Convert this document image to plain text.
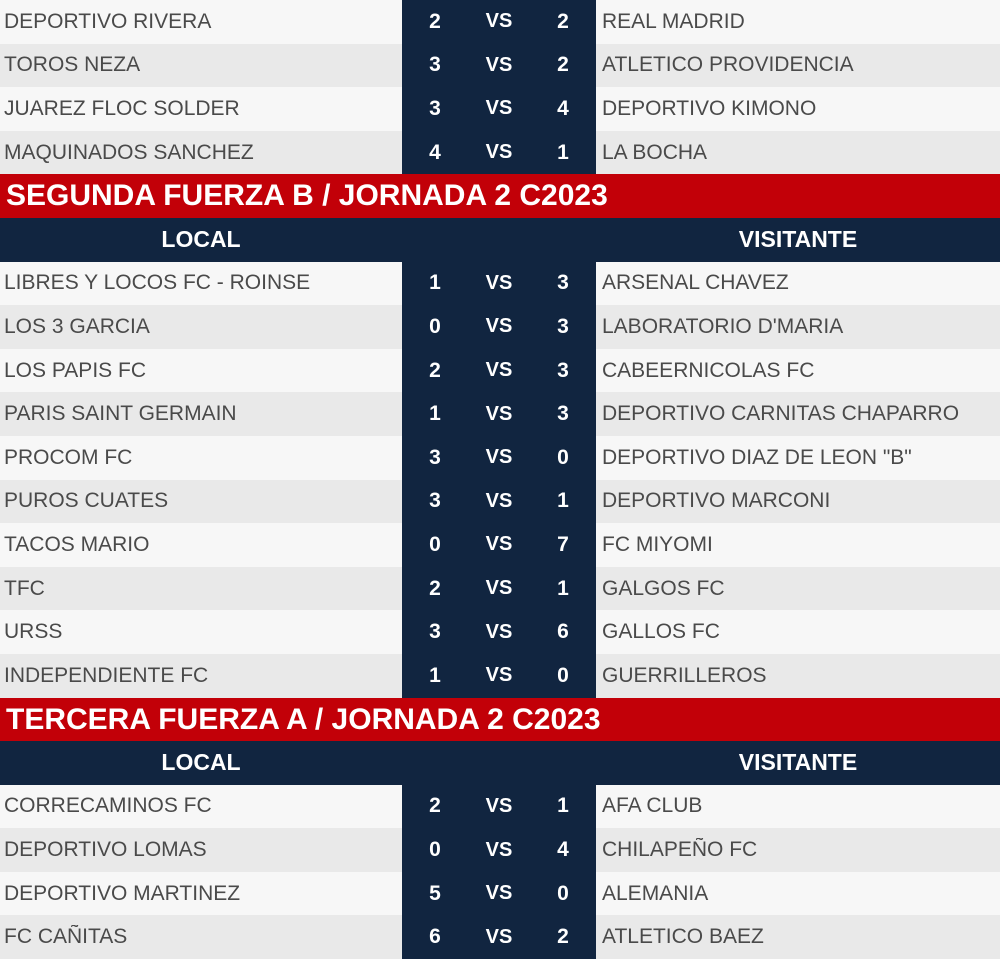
DEPORTIVO RIVERA	2	VS	2	REAL MADRID
TOROS NEZA	3	VS	2	ATLETICO PROVIDENCIA
JUAREZ FLOC SOLDER	3	VS	4	DEPORTIVO KIMONO
MAQUINADOS SANCHEZ	4	VS	1	LA BOCHA
SEGUNDA FUERZA B / JORNADA 2 C2023
LOCAL	VISITANTE
LIBRES Y LOCOS FC - ROINSE	1	VS	3	ARSENAL CHAVEZ
LOS 3 GARCIA	0	VS	3	LABORATORIO D'MARIA
LOS PAPIS FC	2	VS	3	CABEERNICOLAS FC
PARIS SAINT GERMAIN	1	VS	3	DEPORTIVO CARNITAS CHAPARRO
PROCOM FC	3	VS	0	DEPORTIVO DIAZ DE LEON "B"
PUROS CUATES	3	VS	1	DEPORTIVO MARCONI
TACOS MARIO	0	VS	7	FC MIYOMI
TFC	2	VS	1	GALGOS FC
URSS	3	VS	6	GALLOS FC
INDEPENDIENTE FC	1	VS	0	GUERRILLEROS
TERCERA FUERZA A / JORNADA 2 C2023
LOCAL	VISITANTE
CORRECAMINOS FC	2	VS	1	AFA CLUB
DEPORTIVO LOMAS	0	VS	4	CHILAPEÑO FC
DEPORTIVO MARTINEZ	5	VS	0	ALEMANIA
FC CAÑITAS	6	VS	2	ATLETICO BAEZ
